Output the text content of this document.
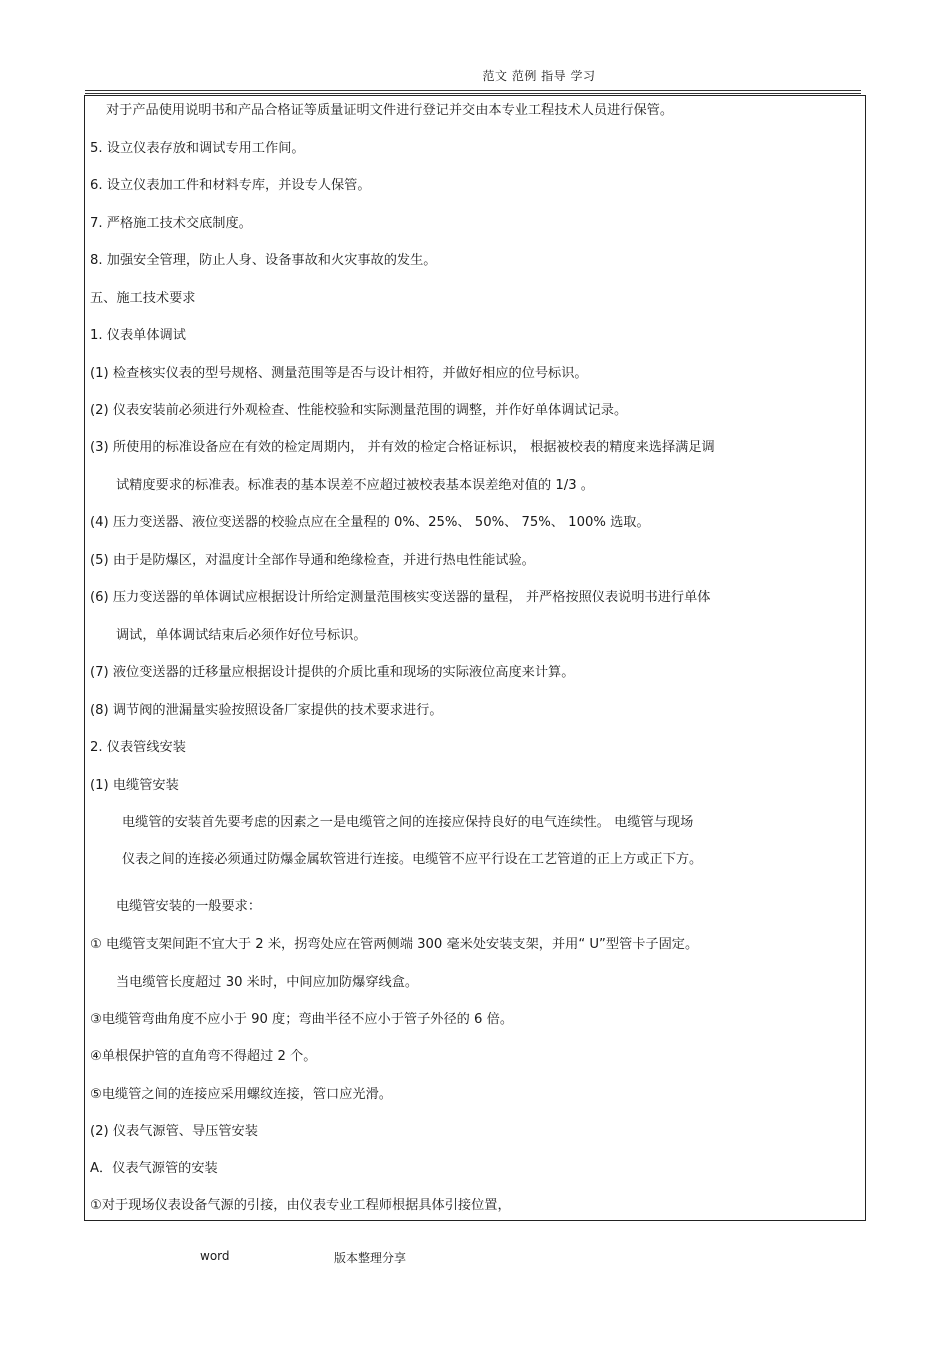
范文 范例 指导 学习
对于产品使用说明书和产品合格证等质量证明文件进行登记并交由本专业工程技术人员进行保管。
5. 设立仪表存放和调试专用工作间。
6. 设立仪表加工件和材料专库，并设专人保管。
7. 严格施工技术交底制度。
8. 加强安全管理，防止人身、设备事故和火灾事故的发生。
五、施工技术要求
1. 仪表单体调试
(1) 检查核实仪表的型号规格、测量范围等是否与设计相符，并做好相应的位号标识。
(2) 仪表安装前必须进行外观检查、性能校验和实际测量范围的调整，并作好单体调试记录。
(3) 所使用的标准设备应在有效的检定周期内， 并有效的检定合格证标识， 根据被校表的精度来选择满足调
试精度要求的标准表。标准表的基本误差不应超过被校表基本误差绝对值的 1/3 。
(4) 压力变送器、液位变送器的校验点应在全量程的 0%、25%、 50%、 75%、 100% 选取。
(5) 由于是防爆区，对温度计全部作导通和绝缘检查，并进行热电性能试验。
(6) 压力变送器的单体调试应根据设计所给定测量范围核实变送器的量程， 并严格按照仪表说明书进行单体
调试，单体调试结束后必须作好位号标识。
(7) 液位变送器的迁移量应根据设计提供的介质比重和现场的实际液位高度来计算。
(8) 调节阀的泄漏量实验按照设备厂家提供的技术要求进行。
2. 仪表管线安装
(1) 电缆管安装
电缆管的安装首先要考虑的因素之一是电缆管之间的连接应保持良好的电气连续性。 电缆管与现场
仪表之间的连接必须通过防爆金属软管进行连接。电缆管不应平行设在工艺管道的正上方或正下方。
电缆管安装的一般要求：
① 电缆管支架间距不宜大于 2 米，拐弯处应在管两侧端 300 毫米处安装支架，并用“ U”型管卡子固定。
当电缆管长度超过 30 米时，中间应加防爆穿线盒。
③电缆管弯曲角度不应小于 90 度；弯曲半径不应小于管子外径的 6 倍。
④单根保护管的直角弯不得超过 2 个。
⑤电缆管之间的连接应采用螺纹连接，管口应光滑。
(2) 仪表气源管、导压管安装
A．仪表气源管的安装
①对于现场仪表设备气源的引接，由仪表专业工程师根据具体引接位置，
word	版本整理分享
